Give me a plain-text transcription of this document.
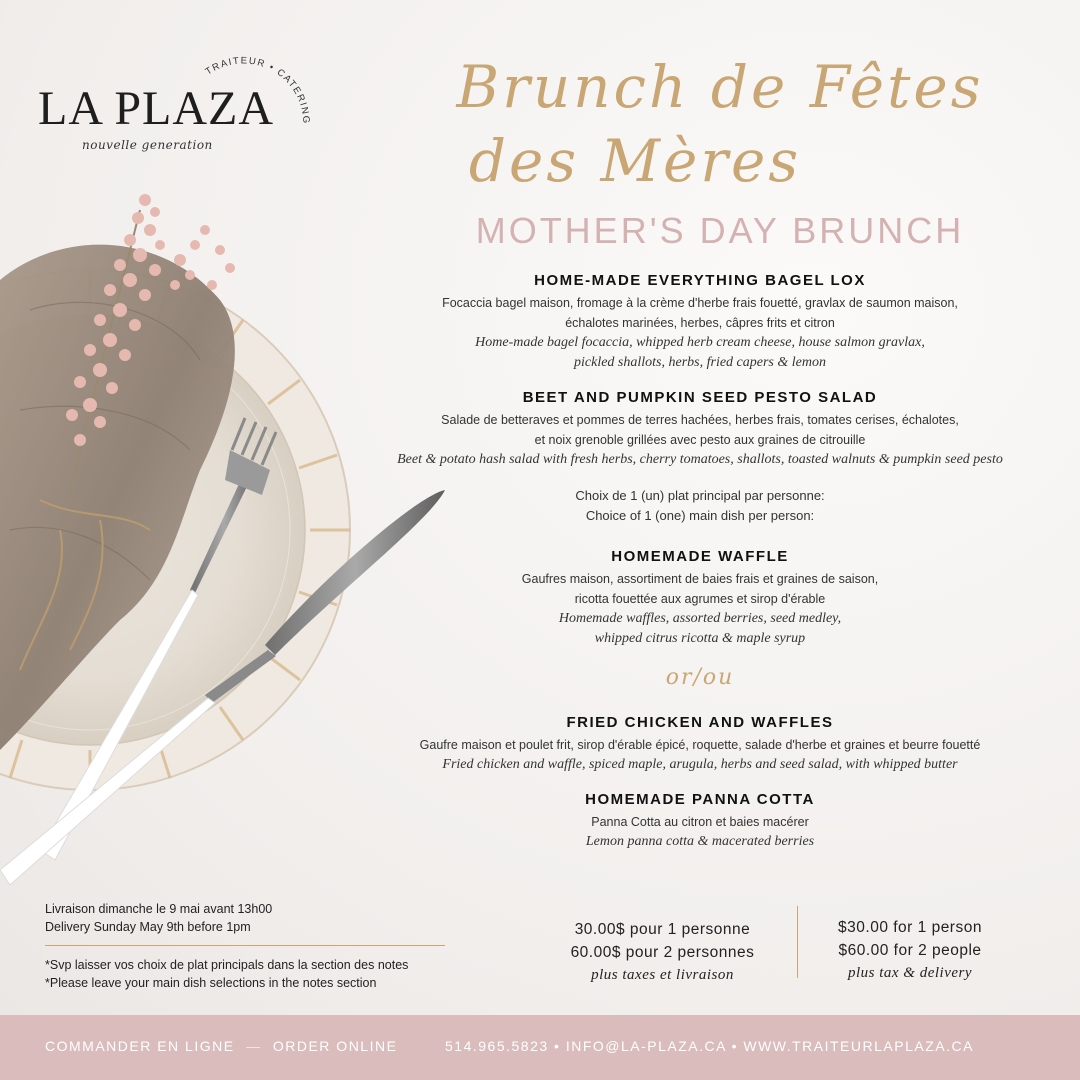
LA PLAZA
TRAITEUR • CATERING
nouvelle generation
Brunch de Fêtes
des Mères
MOTHER'S DAY BRUNCH
HOME-MADE EVERYTHING BAGEL LOX
Focaccia bagel maison, fromage à la crème d'herbe frais fouetté, gravlax de saumon maison,
échalotes marinées, herbes, câpres frits et citron
Home-made bagel focaccia, whipped herb cream cheese, house salmon gravlax,
pickled shallots, herbs, fried capers & lemon
BEET AND PUMPKIN SEED PESTO SALAD
Salade de betteraves et pommes de terres hachées, herbes frais, tomates cerises, échalotes,
et noix grenoble grillées avec pesto aux graines de citrouille
Beet & potato hash salad with fresh herbs, cherry tomatoes, shallots, toasted walnuts & pumpkin seed pesto
Choix de 1 (un) plat principal par personne:
Choice of 1 (one) main dish per person:
HOMEMADE WAFFLE
Gaufres maison, assortiment de baies frais et graines de saison,
ricotta fouettée aux agrumes et sirop d'érable
Homemade waffles, assorted berries, seed medley,
whipped citrus ricotta & maple syrup
or/ou
FRIED CHICKEN AND WAFFLES
Gaufre maison et poulet frit, sirop d'érable épicé, roquette, salade d'herbe et graines et beurre fouetté
Fried chicken and waffle, spiced maple, arugula, herbs and seed salad, with whipped butter
HOMEMADE PANNA COTTA
Panna Cotta au citron et baies macérer
Lemon panna cotta & macerated berries
Livraison dimanche le 9 mai avant 13h00
Delivery Sunday May 9th before 1pm
*Svp laisser vos choix de plat principals dans la section des notes
*Please leave your main dish selections in the notes section
30.00$ pour 1 personne
60.00$ pour 2 personnes
plus taxes et livraison
$30.00 for 1 person
$60.00 for 2 people
plus tax & delivery
COMMANDER EN LIGNE — ORDER ONLINE	514.965.5823 • INFO@LA-PLAZA.CA • WWW.TRAITEURLAPLAZA.CA
